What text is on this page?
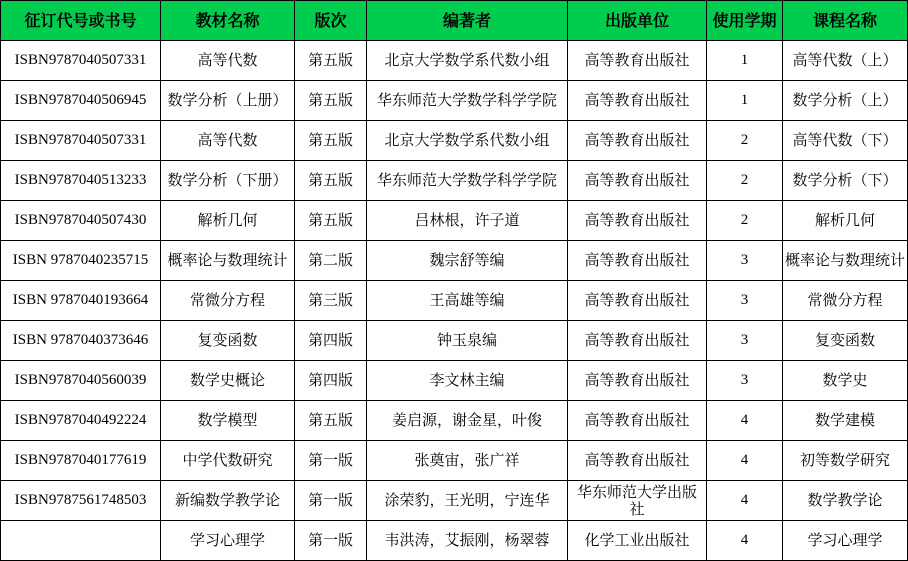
征订代号或书号	教材名称	版次	编著者	出版单位	使用学期	课程名称
ISBN9787040507331	高等代数	第五版	北京大学数学系代数小组	高等教育出版社	1	高等代数（上）
ISBN9787040506945	数学分析（上册）	第五版	华东师范大学数学科学学院	高等教育出版社	1	数学分析（上）
ISBN9787040507331	高等代数	第五版	北京大学数学系代数小组	高等教育出版社	2	高等代数（下）
ISBN9787040513233	数学分析（下册）	第五版	华东师范大学数学科学学院	高等教育出版社	2	数学分析（下）
ISBN9787040507430	解析几何	第五版	吕林根，许子道	高等教育出版社	2	解析几何
ISBN 9787040235715	概率论与数理统计	第二版	魏宗舒等编	高等教育出版社	3	概率论与数理统计
ISBN 9787040193664	常微分方程	第三版	王高雄等编	高等教育出版社	3	常微分方程
ISBN 9787040373646	复变函数	第四版	钟玉泉编	高等教育出版社	3	复变函数
ISBN9787040560039	数学史概论	第四版	李文林主编	高等教育出版社	3	数学史
ISBN9787040492224	数学模型	第五版	姜启源，谢金星，叶俊	高等教育出版社	4	数学建模
ISBN9787040177619	中学代数研究	第一版	张奠宙，张广祥	高等教育出版社	4	初等数学研究
ISBN9787561748503	新编数学教学论	第一版	涂荣豹，王光明，宁连华	华东师范大学出版社	4	数学教学论
	学习心理学	第一版	韦洪涛，艾振刚，杨翠蓉	化学工业出版社	4	学习心理学
